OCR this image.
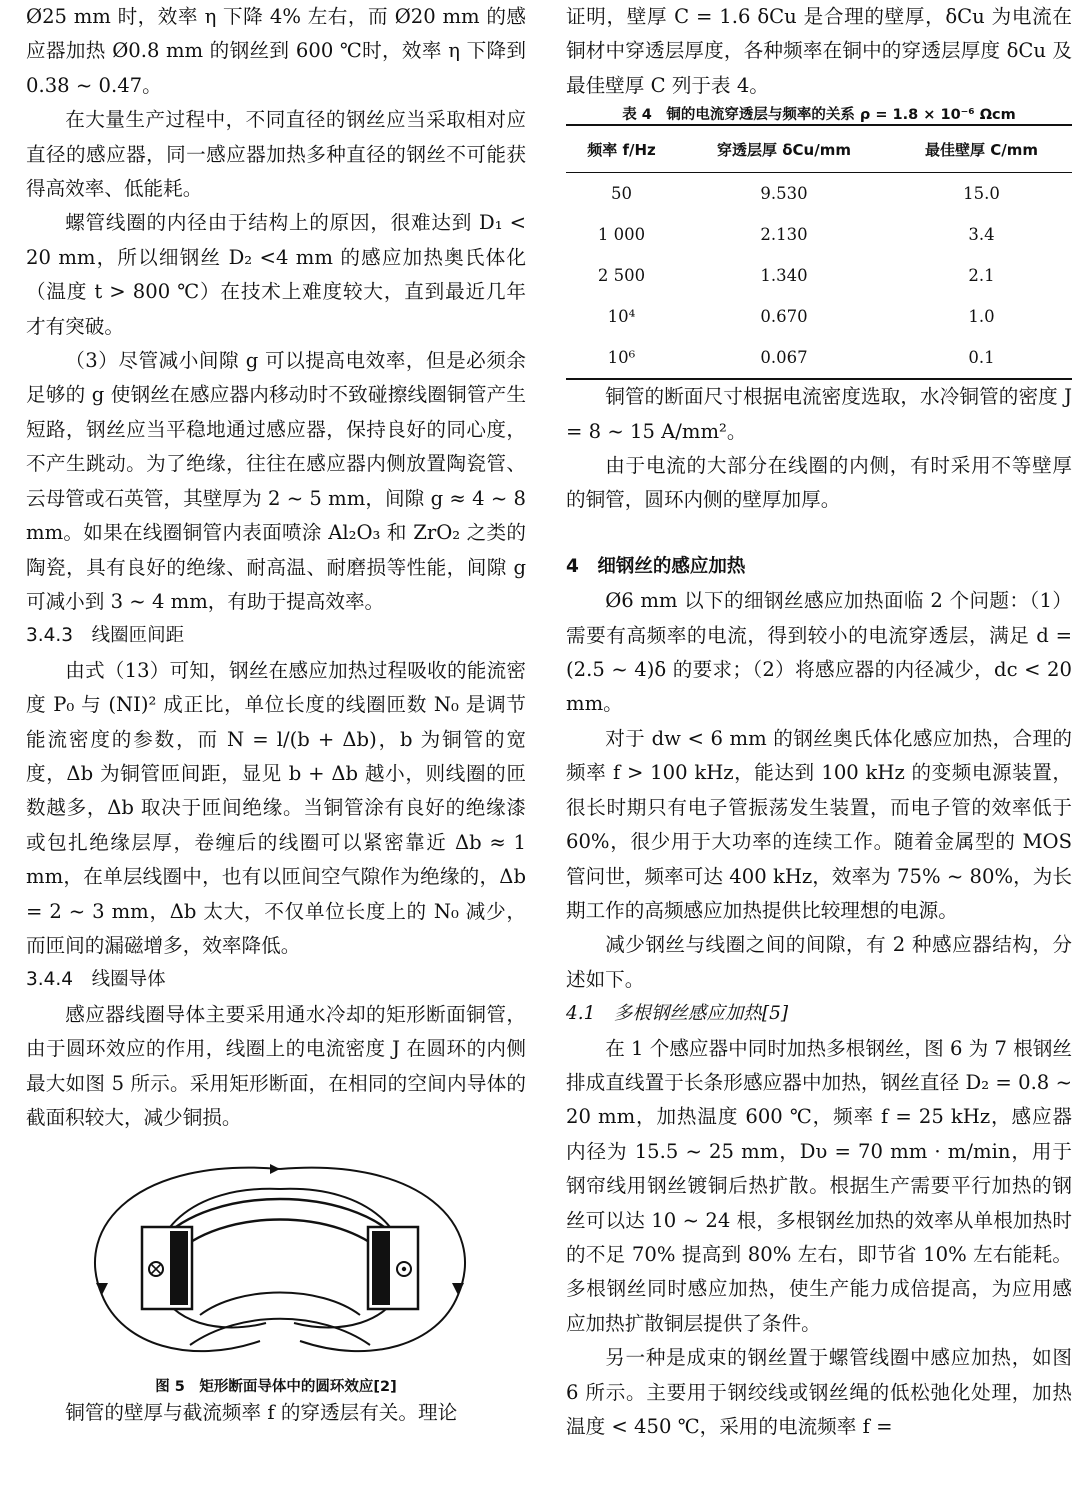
Ø25 mm 时，效率 η 下降 4% 左右，而 Ø20 mm 的感应器加热 Ø0.8 mm 的钢丝到 600 ℃时，效率 η 下降到 0.38 ~ 0.47。

在大量生产过程中，不同直径的钢丝应当采取相对应直径的感应器，同一感应器加热多种直径的钢丝不可能获得高效率、低能耗。

螺管线圈的内径由于结构上的原因，很难达到 D₁ < 20 mm，所以细钢丝 D₂ <4 mm 的感应加热奥氏体化（温度 t > 800 ℃）在技术上难度较大，直到最近几年才有突破。

（3）尽管减小间隙 g 可以提高电效率，但是必须余足够的 g 使钢丝在感应器内移动时不致碰擦线圈铜管产生短路，钢丝应当平稳地通过感应器，保持良好的同心度，不产生跳动。为了绝缘，往往在感应器内侧放置陶瓷管、云母管或石英管，其壁厚为 2 ~ 5 mm，间隙 g ≈ 4 ~ 8 mm。如果在线圈铜管内表面喷涂 Al₂O₃ 和 ZrO₂ 之类的陶瓷，具有良好的绝缘、耐高温、耐磨损等性能，间隙 g 可减小到 3 ~ 4 mm，有助于提高效率。

3.4.3　线圈匝间距

由式（13）可知，钢丝在感应加热过程吸收的能流密度 P₀ 与 (NI)² 成正比，单位长度的线圈匝数 N₀ 是调节能流密度的参数，而 N = l/(b + Δb)，b 为铜管的宽度，Δb 为铜管匝间距，显见 b + Δb 越小，则线圈的匝数越多，Δb 取决于匝间绝缘。当铜管涂有良好的绝缘漆或包扎绝缘层厚，卷缠后的线圈可以紧密靠近 Δb ≈ 1 mm，在单层线圈中，也有以匝间空气隙作为绝缘的，Δb = 2 ~ 3 mm，Δb 太大，不仅单位长度上的 N₀ 减少，而匝间的漏磁增多，效率降低。

3.4.4　线圈导体

感应器线圈导体主要采用通水冷却的矩形断面铜管，由于圆环效应的作用，线圈上的电流密度 J 在圆环的内侧最大如图 5 所示。采用矩形断面，在相同的空间内导体的截面积较大，减少铜损。

图 5　矩形断面导体中的圆环效应[2]

铜管的壁厚与截流频率 f 的穿透层有关。理论

证明，壁厚 C = 1.6 δCu 是合理的壁厚，δCu 为电流在铜材中穿透层厚度，各种频率在铜中的穿透层厚度 δCu 及最佳壁厚 C 列于表 4。

表 4　铜的电流穿透层与频率的关系 ρ = 1.8 × 10⁻⁶ Ωcm

频率 f/Hz	穿透层厚 δCu/mm	最佳壁厚 C/mm
50	9.530	15.0
1 000	2.130	3.4
2 500	1.340	2.1
10⁴	0.670	1.0
10⁶	0.067	0.1

铜管的断面尺寸根据电流密度选取，水冷铜管的密度 J = 8 ~ 15 A/mm²。

由于电流的大部分在线圈的内侧，有时采用不等壁厚的铜管，圆环内侧的壁厚加厚。

4　细钢丝的感应加热

Ø6 mm 以下的细钢丝感应加热面临 2 个问题：（1）需要有高频率的电流，得到较小的电流穿透层，满足 d = (2.5 ~ 4)δ 的要求；（2）将感应器的内径减少，dc < 20 mm。

对于 dw < 6 mm 的钢丝奥氏体化感应加热，合理的频率 f > 100 kHz，能达到 100 kHz 的变频电源装置，很长时期只有电子管振荡发生装置，而电子管的效率低于 60%，很少用于大功率的连续工作。随着金属型的 MOS 管问世，频率可达 400 kHz，效率为 75% ~ 80%，为长期工作的高频感应加热提供比较理想的电源。

减少钢丝与线圈之间的间隙，有 2 种感应器结构，分述如下。

4.1　多根钢丝感应加热[5]

在 1 个感应器中同时加热多根钢丝，图 6 为 7 根钢丝排成直线置于长条形感应器中加热，钢丝直径 D₂ = 0.8 ~ 20 mm，加热温度 600 ℃，频率 f = 25 kHz，感应器内径为 15.5 ~ 25 mm，Dυ = 70 mm · m/min，用于钢帘线用钢丝镀铜后热扩散。根据生产需要平行加热的钢丝可以达 10 ~ 24 根，多根钢丝加热的效率从单根加热时的不足 70% 提高到 80% 左右，即节省 10% 左右能耗。多根钢丝同时感应加热，使生产能力成倍提高，为应用感应加热扩散铜层提供了条件。

另一种是成束的钢丝置于螺管线圈中感应加热，如图 6 所示。主要用于钢绞线或钢丝绳的低松弛化处理，加热温度 < 450 ℃，采用的电流频率 f =
